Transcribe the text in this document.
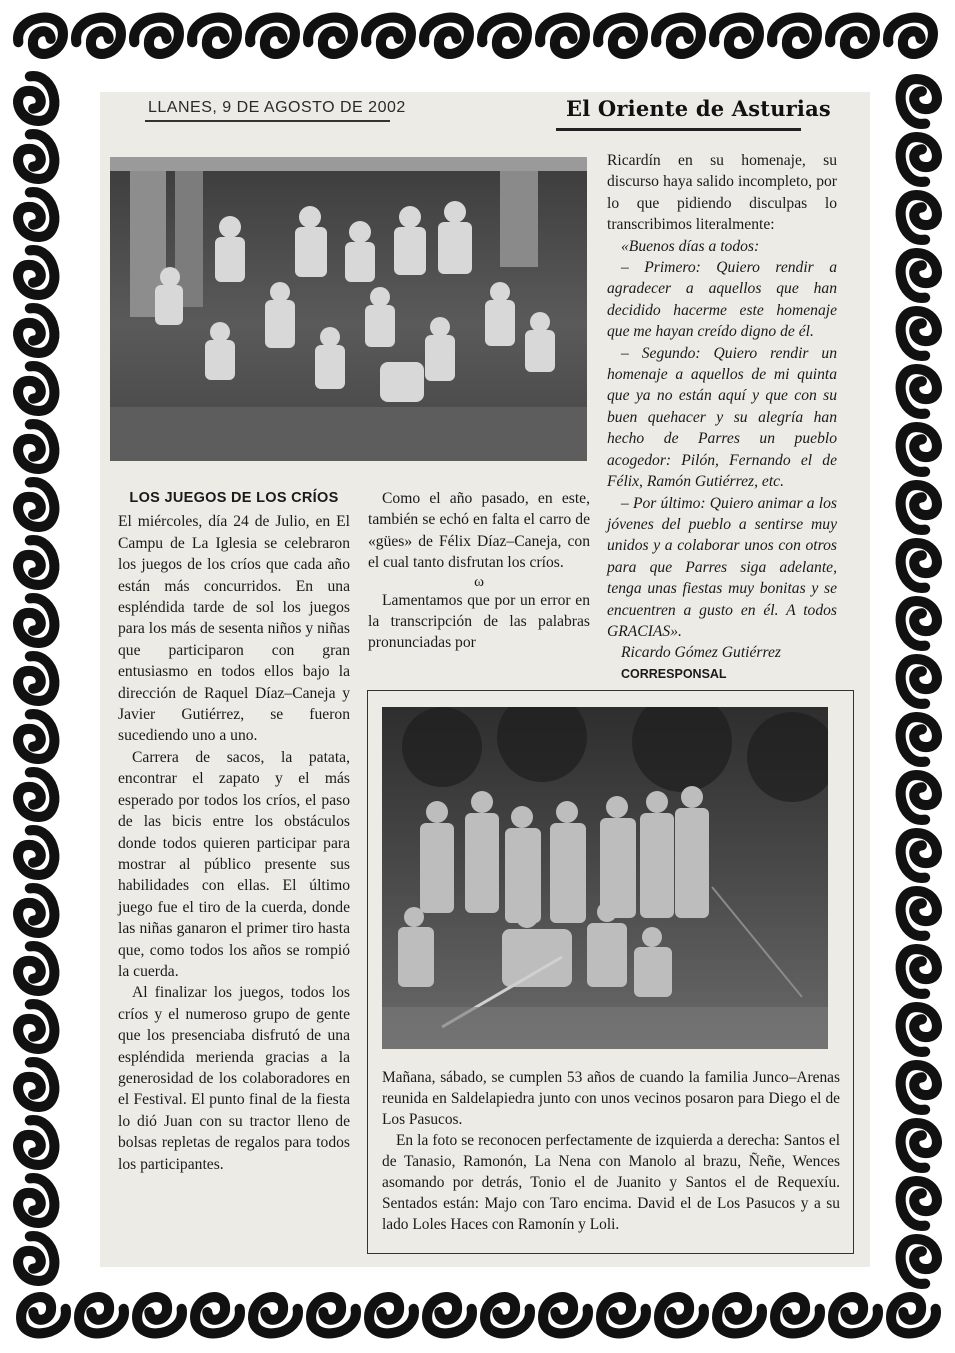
LLANES, 9 DE AGOSTO DE 2002	El Oriente de Asturias
LOS JUEGOS DE LOS CRÍOS

El miércoles, día 24 de Julio, en El Campu de La Iglesia se celebraron los juegos de los críos que cada año están más concurridos. En una espléndida tarde de sol los juegos para los más de sesenta niños y niñas que participaron con gran entusiasmo en todos ellos bajo la dirección de Raquel Díaz–Caneja y Javier Gutiérrez, se fueron sucediendo uno a uno.

Carrera de sacos, la patata, encontrar el zapato y el más esperado por todos los críos, el paso de las bicis entre los obstáculos donde todos quieren participar para mostrar al público presente sus habilidades con ellas. El último juego fue el tiro de la cuerda, donde las niñas ganaron el primer tiro hasta que, como todos los años se rompió la cuerda.

Al finalizar los juegos, todos los críos y el numeroso grupo de gente que los presenciaba disfrutó de una espléndida merienda gracias a la generosidad de los colaboradores en el Festival. El punto final de la fiesta lo dió Juan con su tractor lleno de bolsas repletas de regalos para todos los participantes.

Como el año pasado, en este, también se echó en falta el carro de «gües» de Félix Díaz–Caneja, con el cual tanto disfrutan los críos.

ω

Lamentamos que por un error en la transcripción de las palabras pronunciadas por

Ricardín en su homenaje, su discurso haya salido incompleto, por lo que pidiendo disculpas lo transcribimos literalmente:

«Buenos días a todos:

– Primero: Quiero rendir a agradecer a aquellos que han decidido hacerme este homenaje que me hayan creído digno de él.

– Segundo: Quiero rendir un homenaje a aquellos de mi quinta que ya no están aquí y que con su buen quehacer y su alegría han hecho de Parres un pueblo acogedor: Pilón, Fernando el de Félix, Ramón Gutiérrez, etc.

– Por último: Quiero animar a los jóvenes del pueblo a sentirse muy unidos y a colaborar unos con otros para que Parres siga adelante, tenga unas fiestas muy bonitas y se encuentren a gusto en él. A todos GRACIAS».

Ricardo Gómez Gutiérrez

CORRESPONSAL

Mañana, sábado, se cumplen 53 años de cuando la familia Junco–Arenas reunida en Saldelapiedra junto con unos vecinos posaron para Diego el de Los Pasucos.

En la foto se reconocen perfectamente de izquierda a derecha: Santos el de Tanasio, Ramonón, La Nena con Manolo al brazu, Ñeñe, Wences asomando por detrás, Tonio el de Juanito y Santos el de Requexíu. Sentados están: Majo con Taro encima. David el de Los Pasucos y a su lado Loles Haces con Ramonín y Loli.
